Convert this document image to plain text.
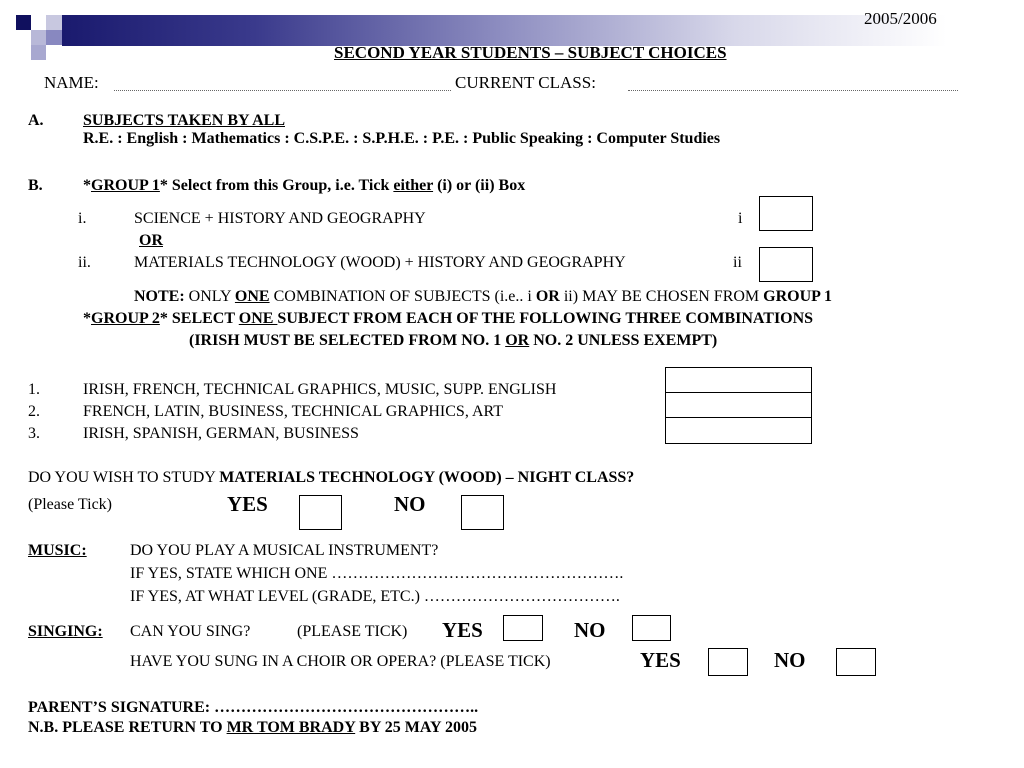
2005/2006
SECOND YEAR STUDENTS – SUBJECT CHOICES
NAME:	CURRENT CLASS:
A. SUBJECTS TAKEN BY ALL
R.E. : English : Mathematics : C.S.P.E. : S.P.H.E. : P.E. : Public Speaking : Computer Studies
B.	*GROUP 1* Select from this Group, i.e. Tick either (i) or (ii) Box
i.	SCIENCE + HISTORY AND GEOGRAPHY	i
OR
ii.	MATERIALS TECHNOLOGY (WOOD) + HISTORY AND GEOGRAPHY	ii
NOTE: ONLY ONE COMBINATION OF SUBJECTS (i.e.. i OR ii) MAY BE CHOSEN FROM GROUP 1
*GROUP 2* SELECT ONE SUBJECT FROM EACH OF THE FOLLOWING THREE COMBINATIONS
(IRISH MUST BE SELECTED FROM NO. 1 OR NO. 2 UNLESS EXEMPT)
1.	IRISH, FRENCH, TECHNICAL GRAPHICS, MUSIC, SUPP. ENGLISH
2.	FRENCH, LATIN, BUSINESS, TECHNICAL GRAPHICS, ART
3.	IRISH, SPANISH, GERMAN, BUSINESS
DO YOU WISH TO STUDY MATERIALS TECHNOLOGY (WOOD) – NIGHT CLASS?
(Please Tick)	YES	NO
MUSIC:	DO YOU PLAY A MUSICAL INSTRUMENT?
IF YES, STATE WHICH ONE ……………………………………………….
IF YES, AT WHAT LEVEL (GRADE, ETC.) ……………………………….
SINGING: CAN YOU SING?	(PLEASE TICK) YES	NO
HAVE YOU SUNG IN A CHOIR OR OPERA? (PLEASE TICK)	YES	NO
PARENT’S SIGNATURE: …………………………………………..
N.B. PLEASE RETURN TO MR TOM BRADY BY 25 MAY 2005
